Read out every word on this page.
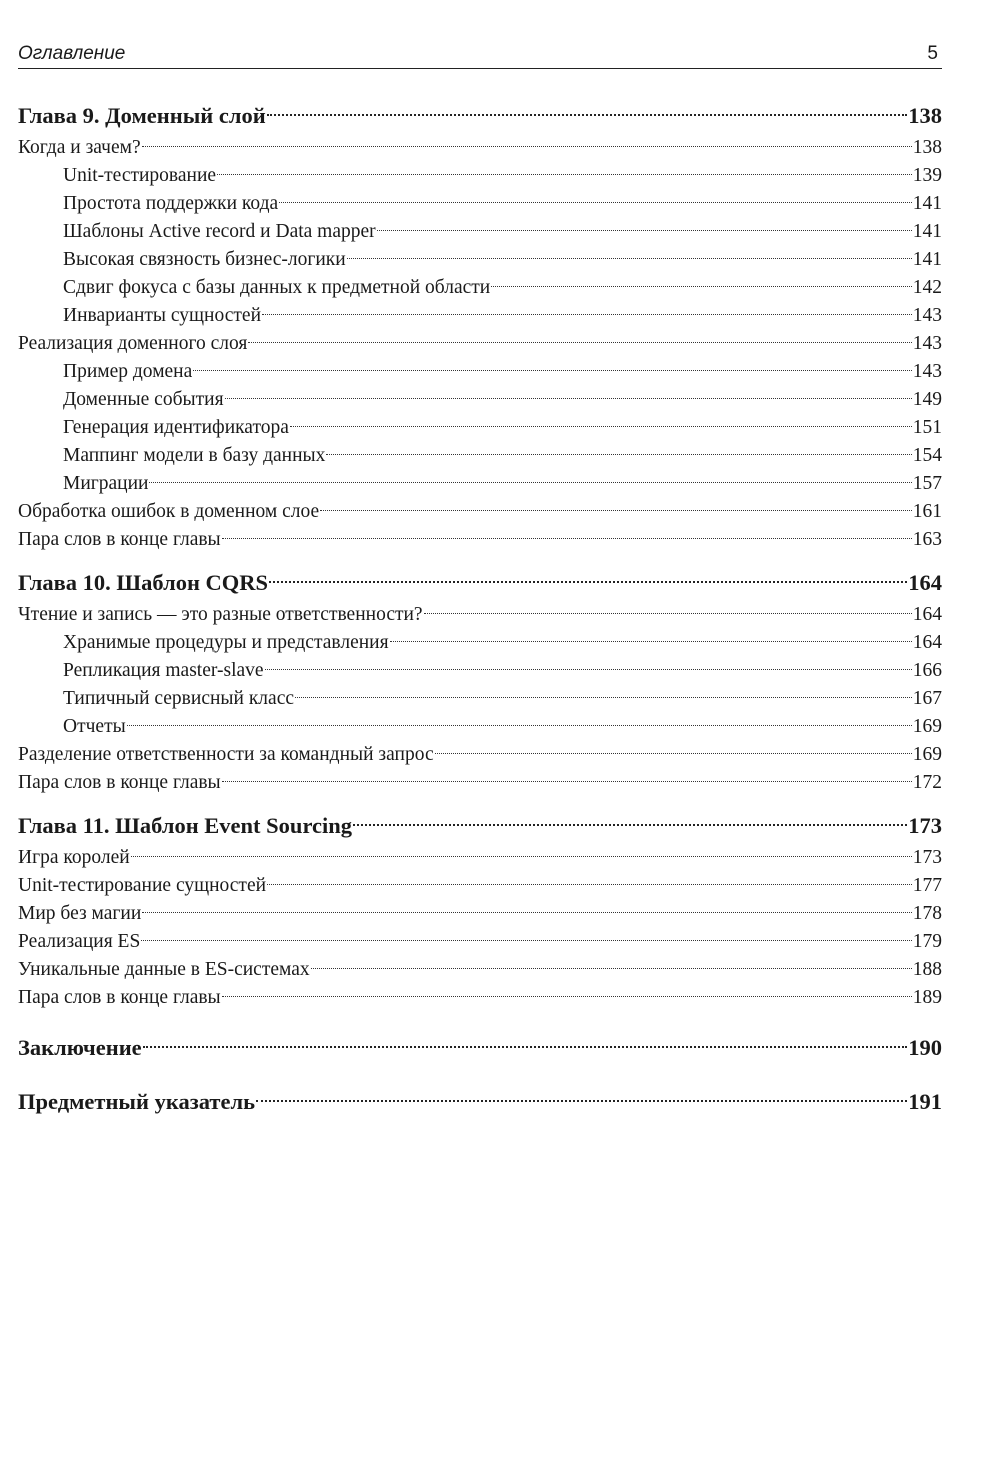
Оглавление	5
Глава 9. Доменный слой	138
Когда и зачем?	138
Unit-тестирование	139
Простота поддержки кода	141
Шаблоны Active record и Data mapper	141
Высокая связность бизнес-логики	141
Сдвиг фокуса с базы данных к предметной области	142
Инварианты сущностей	143
Реализация доменного слоя	143
Пример домена	143
Доменные события	149
Генерация идентификатора	151
Маппинг модели в базу данных	154
Миграции	157
Обработка ошибок в доменном слое	161
Пара слов в конце главы	163
Глава 10. Шаблон CQRS	164
Чтение и запись — это разные ответственности?	164
Хранимые процедуры и представления	164
Репликация master-slave	166
Типичный сервисный класс	167
Отчеты	169
Разделение ответственности за командный запрос	169
Пара слов в конце главы	172
Глава 11. Шаблон Event Sourcing	173
Игра королей	173
Unit-тестирование сущностей	177
Мир без магии	178
Реализация ES	179
Уникальные данные в ES-системах	188
Пара слов в конце главы	189
Заключение	190
Предметный указатель	191
